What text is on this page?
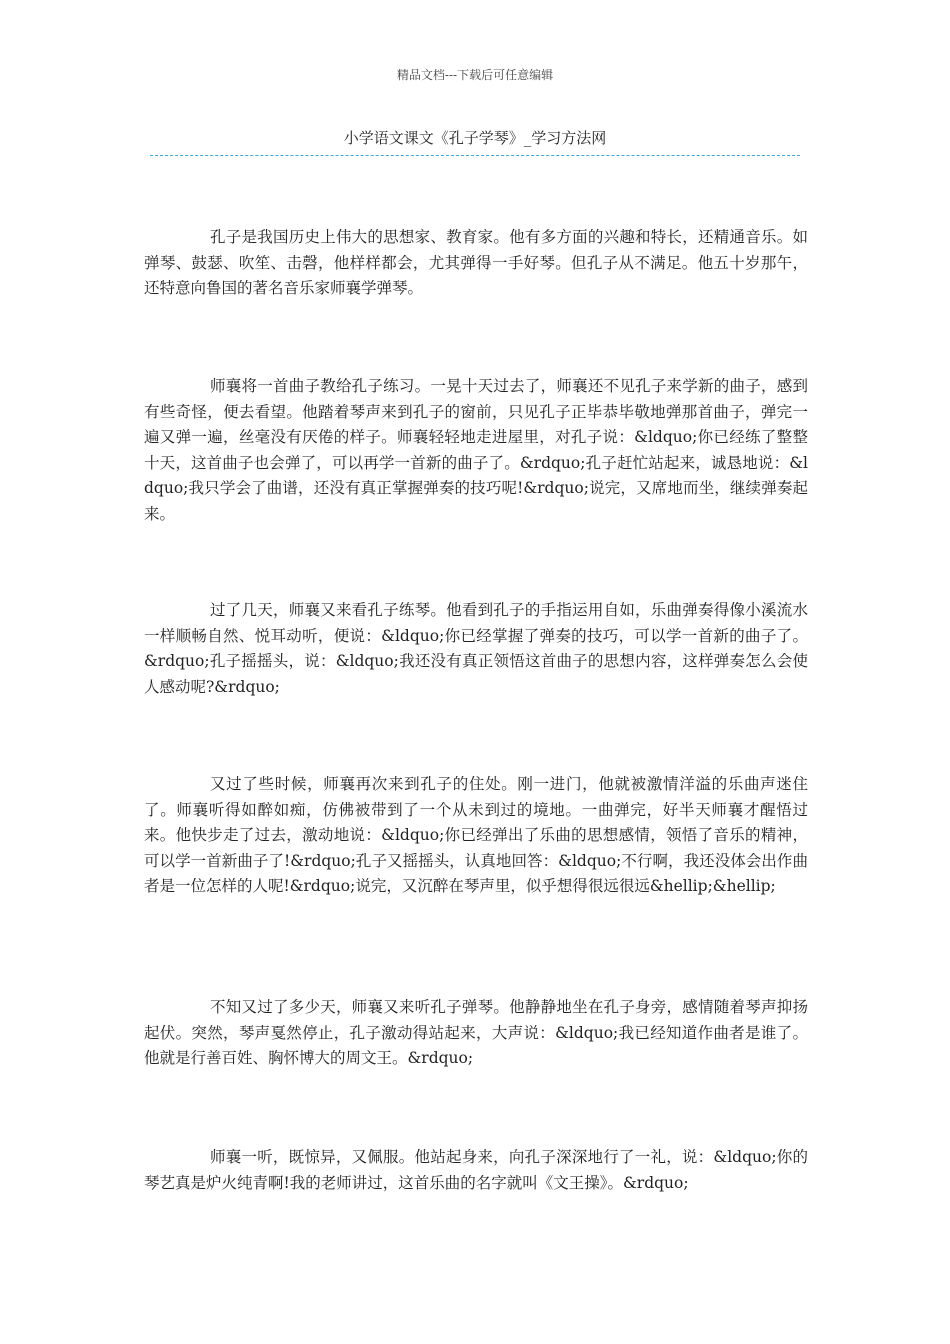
精品文档---下载后可任意编辑
小学语文课文《孔子学琴》_学习方法网

孔子是我国历史上伟大的思想家、教育家。他有多方面的兴趣和特长，还精通音乐。如弹琴、鼓瑟、吹笙、击磬，他样样都会，尤其弹得一手好琴。但孔子从不满足。他五十岁那午，还特意向鲁国的著名音乐家师襄学弹琴。

师襄将一首曲子教给孔子练习。一晃十天过去了，师襄还不见孔子来学新的曲子，感到有些奇怪，便去看望。他踏着琴声来到孔子的窗前，只见孔子正毕恭毕敬地弹那首曲子，弹完一遍又弹一遍，丝毫没有厌倦的样子。师襄轻轻地走进屋里，对孔子说：&ldquo;你已经练了整整十天，这首曲子也会弹了，可以再学一首新的曲子了。&rdquo;孔子赶忙站起来，诚恳地说：&ldquo;我只学会了曲谱，还没有真正掌握弹奏的技巧呢!&rdquo;说完，又席地而坐，继续弹奏起来。

过了几天，师襄又来看孔子练琴。他看到孔子的手指运用自如，乐曲弹奏得像小溪流水一样顺畅自然、悦耳动听，便说：&ldquo;你已经掌握了弹奏的技巧，可以学一首新的曲子了。&rdquo;孔子摇摇头，说：&ldquo;我还没有真正领悟这首曲子的思想内容，这样弹奏怎么会使人感动呢?&rdquo;

又过了些时候，师襄再次来到孔子的住处。刚一进门，他就被激情洋溢的乐曲声迷住了。师襄听得如醉如痴，仿佛被带到了一个从未到过的境地。一曲弹完，好半天师襄才醒悟过来。他快步走了过去，激动地说：&ldquo;你已经弹出了乐曲的思想感情，领悟了音乐的精神，可以学一首新曲子了!&rdquo;孔子又摇摇头，认真地回答：&ldquo;不行啊，我还没体会出作曲者是一位怎样的人呢!&rdquo;说完，又沉醉在琴声里，似乎想得很远很远&hellip;&hellip;

不知又过了多少天，师襄又来听孔子弹琴。他静静地坐在孔子身旁，感情随着琴声抑扬起伏。突然，琴声戛然停止，孔子激动得站起来，大声说：&ldquo;我已经知道作曲者是谁了。他就是行善百姓、胸怀博大的周文王。&rdquo;

师襄一听，既惊异，又佩服。他站起身来，向孔子深深地行了一礼，说：&ldquo;你的琴艺真是炉火纯青啊!我的老师讲过，这首乐曲的名字就叫《文王操》。&rdquo;
